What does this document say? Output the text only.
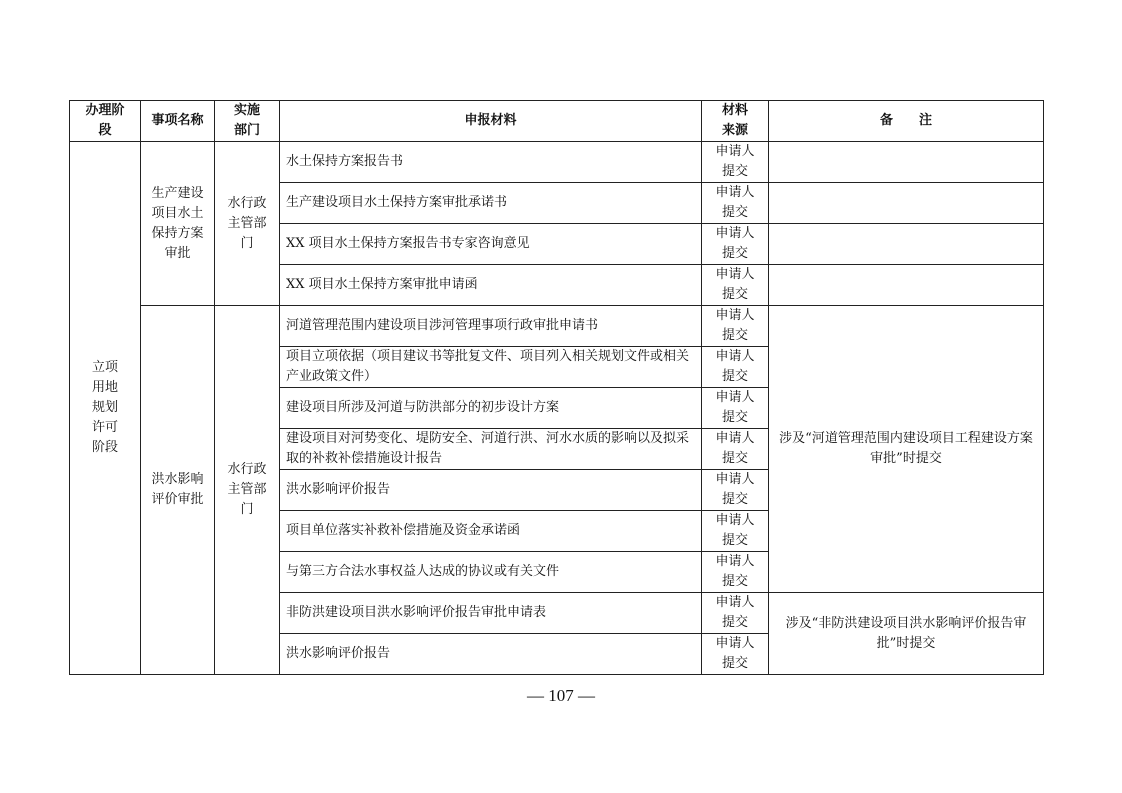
办理阶段	事项名称	实施部门	申报材料	材料来源	备　　注

立项用地规划许可阶段	生产建设项目水土保持方案审批	水行政主管部门	水土保持方案报告书	申请人提交	

			生产建设项目水土保持方案审批承诺书	申请人提交	

			XX 项目水土保持方案报告书专家咨询意见	申请人提交	

			XX 项目水土保持方案审批申请函	申请人提交	

	洪水影响评价审批	水行政主管部门	河道管理范围内建设项目涉河管理事项行政审批申请书	申请人提交	涉及“河道管理范围内建设项目工程建设方案审批”时提交
			项目立项依据（项目建议书等批复文件、项目列入相关规划文件或相关产业政策文件）	申请人提交	

			建设项目所涉及河道与防洪部分的初步设计方案	申请人提交	

			建设项目对河势变化、堤防安全、河道行洪、河水水质的影响以及拟采取的补救补偿措施设计报告	申请人提交	

			洪水影响评价报告	申请人提交	

			项目单位落实补救补偿措施及资金承诺函	申请人提交	

			与第三方合法水事权益人达成的协议或有关文件	申请人提交	

			非防洪建设项目洪水影响评价报告审批申请表	申请人提交	涉及“非防洪建设项目洪水影响评价报告审批”时提交
			洪水影响评价报告	申请人提交	
— 107 —
